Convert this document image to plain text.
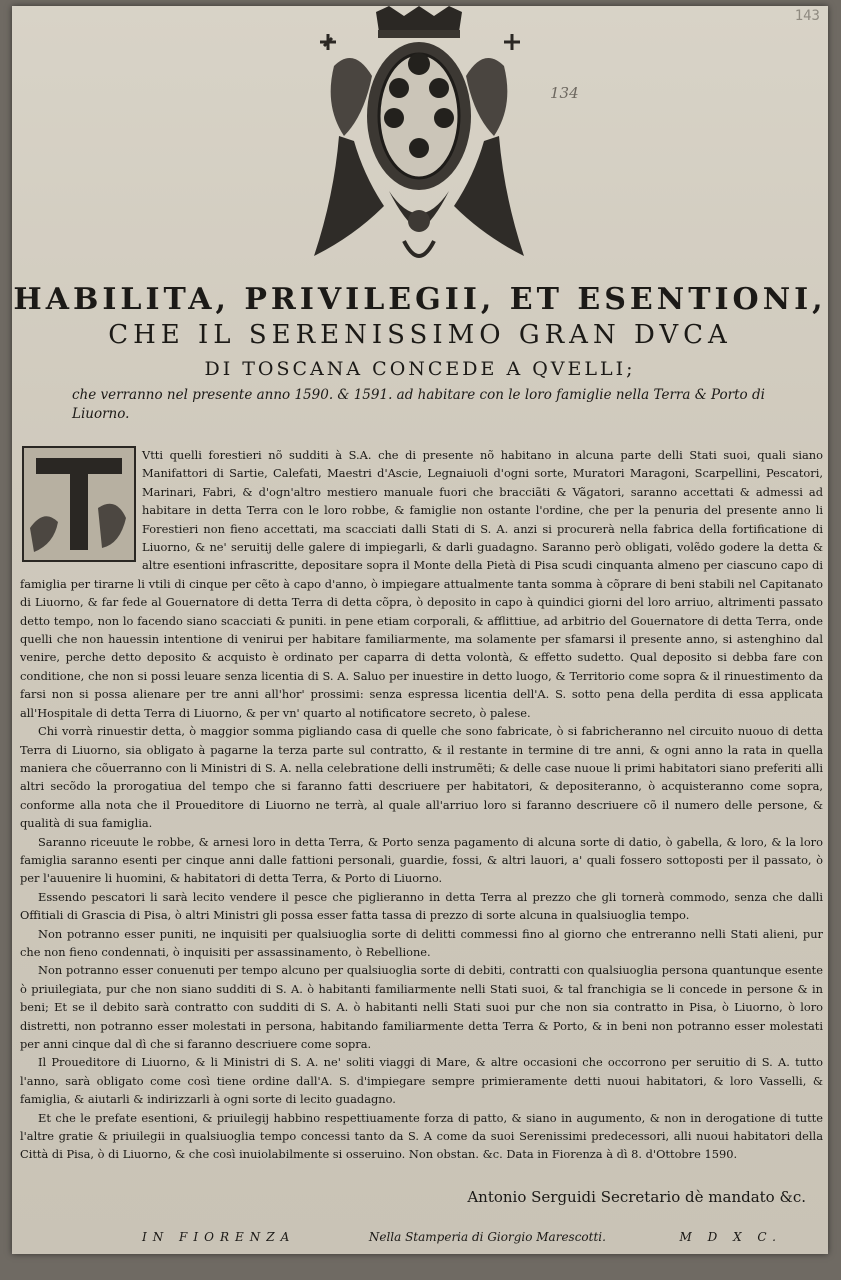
143
134
HABILITA, PRIVILEGII, ET ESENTIONI,
CHE IL SERENISSIMO GRAN DVCA
DI TOSCANA CONCEDE A QVELLI;
che verranno nel presente anno 1590. & 1591. ad habitare con le loro famiglie nella Terra & Porto di Liuorno.

Vtti quelli forestieri nõ sudditi à S.A. che di presente nõ habitano in alcuna parte delli Stati suoi, quali siano Manifattori di Sartie, Calefati, Maestri d'Ascie, Legnaiuoli d'ogni sorte, Muratori Maragoni, Scarpellini, Pescatori, Marinari, Fabri, & d'ogn'altro mestiero manuale fuori che bracciãti & Vãgatori, saranno accettati & admessi ad habitare in detta Terra con le loro robbe, & famiglie non ostante l'ordine, che per la penuria del presente anno li Forestieri non fieno accettati, ma scacciati dalli Stati di S. A. anzi si procurerà nella fabrica della fortificatione di Liuorno, & ne' seruitij delle galere di impiegarli, & darli guadagno. Saranno però obligati, volẽdo godere la detta & altre esentioni infrascritte, depositare sopra il Monte della Pietà di Pisa scudi cinquanta almeno per ciascuno capo di famiglia per tirarne li vtili di cinque per cẽto à capo d'anno, ò impiegare attualmente tanta somma à cõprare di beni stabili nel Capitanato di Liuorno, & far fede al Gouernatore di detta Terra di detta cõpra, ò deposito in capo à quindici giorni del loro arriuo, altrimenti passato detto tempo, non lo facendo siano scacciati & puniti. in pene etiam corporali, & afflittiue, ad arbitrio del Gouernatore di detta Terra, onde quelli che non hauessin intentione di venirui per habitare familiarmente, ma solamente per sfamarsi il presente anno, si astenghino dal venire, perche detto deposito & acquisto è ordinato per caparra di detta volontà, & effetto sudetto. Qual deposito si debba fare con conditione, che non si possi leuare senza licentia di S. A. Saluo per inuestire in detto luogo, & Territorio come sopra & il rinuestimento da farsi non si possa alienare per tre anni all'hor' prossimi: senza espressa licentia dell'A. S. sotto pena della perdita di essa applicata all'Hospitale di detta Terra di Liuorno, & per vn' quarto al notificatore secreto, ò palese.

Chi vorrà rinuestir detta, ò maggior somma pigliando casa di quelle che sono fabricate, ò si fabricheranno nel circuito nuouo di detta Terra di Liuorno, sia obligato à pagarne la terza parte sul contratto, & il restante in termine di tre anni, & ogni anno la rata in quella maniera che cõuerranno con li Ministri di S. A. nella celebratione delli instrumẽti; & delle case nuoue li primi habitatori siano preferiti alli altri secõdo la prorogatiua del tempo che si faranno fatti descriuere per habitatori, & depositeranno, ò acquisteranno come sopra, conforme alla nota che il Proueditore di Liuorno ne terrà, al quale all'arriuo loro si faranno descriuere cõ il numero delle persone, & qualità di sua famiglia.

Saranno riceuute le robbe, & arnesi loro in detta Terra, & Porto senza pagamento di alcuna sorte di datio, ò gabella, & loro, & la loro famiglia saranno esenti per cinque anni dalle fattioni personali, guardie, fossi, & altri lauori, a' quali fossero sottoposti per il passato, ò per l'auuenire li huomini, & habitatori di detta Terra, & Porto di Liuorno.

Essendo pescatori li sarà lecito vendere il pesce che piglieranno in detta Terra al prezzo che gli tornerà commodo, senza che dalli Offitiali di Grascia di Pisa, ò altri Ministri gli possa esser fatta tassa di prezzo di sorte alcuna in qualsiuoglia tempo.

Non potranno esser puniti, ne inquisiti per qualsiuoglia sorte di delitti commessi fino al giorno che entreranno nelli Stati alieni, pur che non fieno condennati, ò inquisiti per assassinamento, ò Rebellione.

Non potranno esser conuenuti per tempo alcuno per qualsiuoglia sorte di debiti, contratti con qualsiuoglia persona quantunque esente ò priuilegiata, pur che non siano sudditi di S. A. ò habitanti familiarmente nelli Stati suoi, & tal franchigia se li concede in persone & in beni; Et se il debito sarà contratto con sudditi di S. A. ò habitanti nelli Stati suoi pur che non sia contratto in Pisa, ò Liuorno, ò loro distretti, non potranno esser molestati in persona, habitando familiarmente detta Terra & Porto, & in beni non potranno esser molestati per anni cinque dal dì che si faranno descriuere come sopra.

Il Proueditore di Liuorno, & li Ministri di S. A. ne' soliti viaggi di Mare, & altre occasioni che occorrono per seruitio di S. A. tutto l'anno, sarà obligato come così tiene ordine dall'A. S. d'impiegare sempre primieramente detti nuoui habitatori, & loro Vasselli, & famiglia, & aiutarli & indirizzarli à ogni sorte di lecito guadagno.

Et che le prefate esentioni, & priuilegij habbino respettiuamente forza di patto, & siano in augumento, & non in derogatione di tutte l'altre gratie & priuilegii in qualsiuoglia tempo concessi tanto da S. A come da suoi Serenissimi predecessori, alli nuoui habitatori della Città di Pisa, ò di Liuorno, & che così inuiolabilmente si osseruino. Non obstan. &c. Data in Fiorenza à dì 8. d'Ottobre 1590.

Antonio Serguidi Secretario dè mandato &c.
IN FIORENZA	Nella Stamperia di Giorgio Marescotti.	M D X C.
